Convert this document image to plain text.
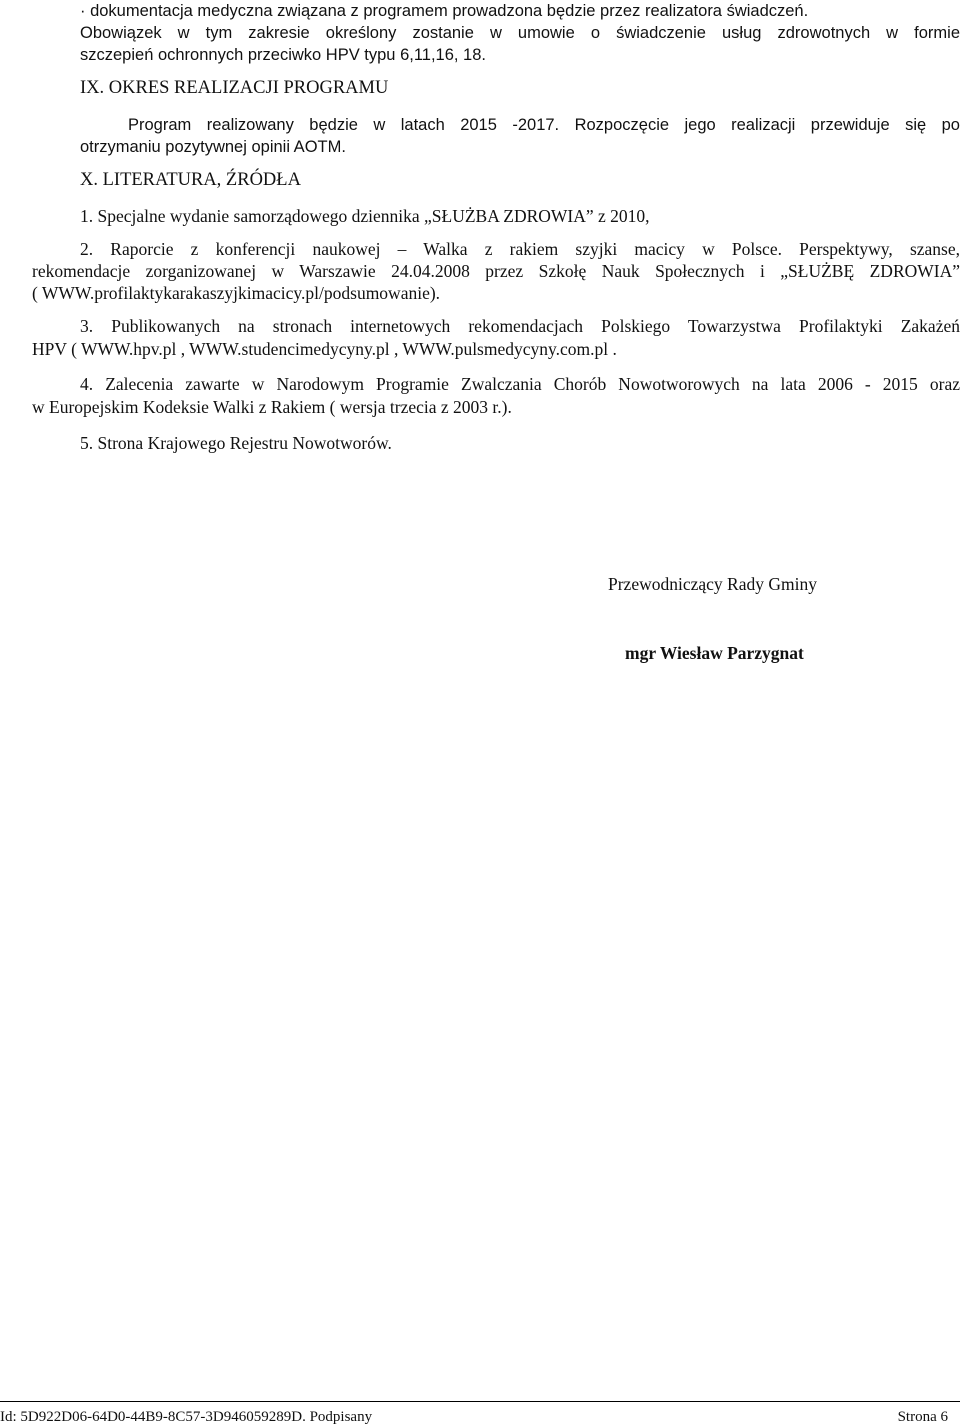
· dokumentacja medyczna związana z programem prowadzona będzie przez realizatora świadczeń.
Obowiązek w tym zakresie określony zostanie w umowie o świadczenie usług zdrowotnych w formie
szczepień ochronnych przeciwko HPV typu 6,11,16, 18.
IX. OKRES REALIZACJI PROGRAMU
Program realizowany będzie w latach 2015 -2017. Rozpoczęcie jego realizacji przewiduje się po
otrzymaniu pozytywnej opinii AOTM.
X. LITERATURA, ŹRÓDŁA
1. Specjalne wydanie samorządowego dziennika „SŁUŻBA ZDROWIA” z 2010,
2. Raporcie z konferencji naukowej – Walka z rakiem szyjki macicy w Polsce. Perspektywy, szanse,
rekomendacje zorganizowanej w Warszawie 24.04.2008 przez Szkołę Nauk Społecznych i „SŁUŻBĘ ZDROWIA”
( WWW.profilaktykarakaszyjkimacicy.pl/podsumowanie).
3. Publikowanych na stronach internetowych rekomendacjach Polskiego Towarzystwa Profilaktyki Zakażeń
HPV ( WWW.hpv.pl , WWW.studencimedycyny.pl , WWW.pulsmedycyny.com.pl .
4. Zalecenia zawarte w Narodowym Programie Zwalczania Chorób Nowotworowych na lata 2006 - 2015 oraz
w Europejskim Kodeksie Walki z Rakiem ( wersja trzecia z 2003 r.).
5. Strona Krajowego Rejestru Nowotworów.
Przewodniczący Rady Gminy
mgr Wiesław Parzygnat
Id: 5D922D06-64D0-44B9-8C57-3D946059289D. Podpisany	Strona 6
